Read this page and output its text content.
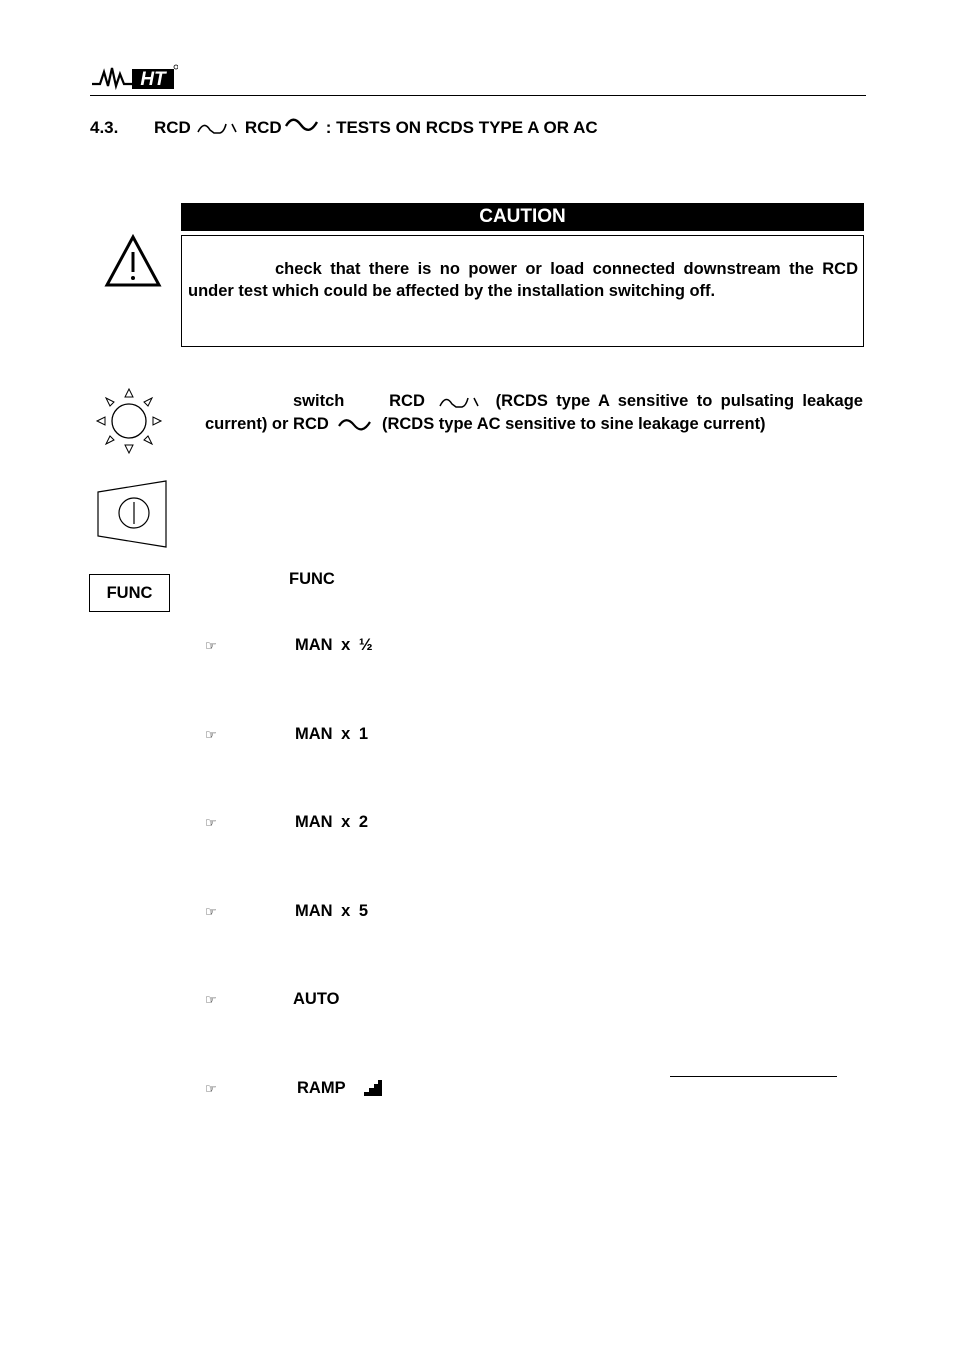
HT
4.3.	RCD	RCD	: TESTS ON RCDS TYPE A OR AC
CAUTION
check that there is no power or load connected downstream the RCD under test which could be affected by the installation switching off.
switch	RCD	(RCDS type A sensitive to pulsating leakage current) or RCD	(RCDS type AC sensitive to sine leakage current)
FUNC
FUNC
☞	MAN x ½
☞	MAN x 1
☞	MAN x 2
☞	MAN x 5
☞	AUTO
☞	RAMP
